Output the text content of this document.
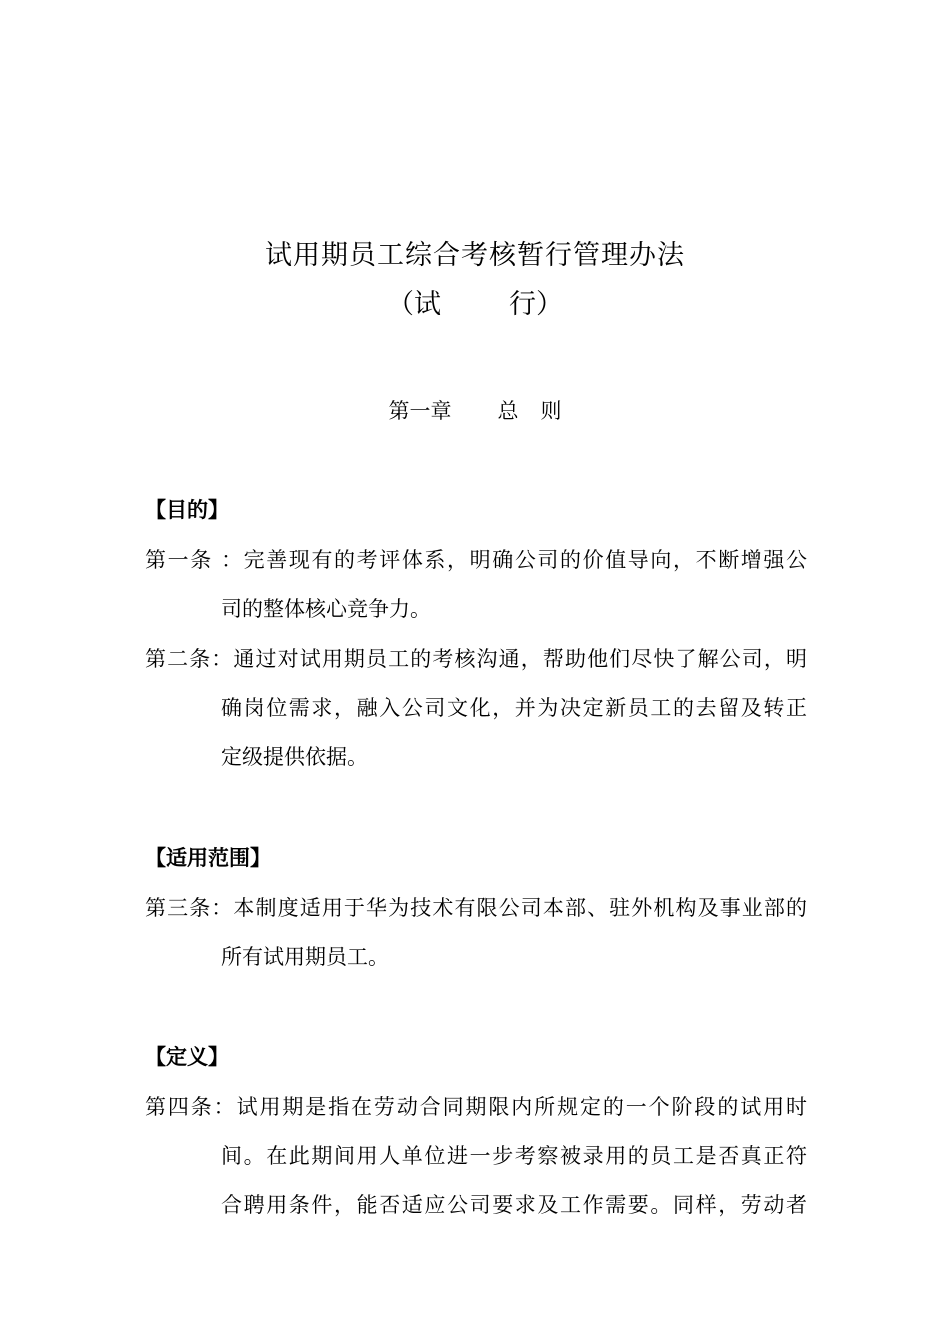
试用期员工综合考核暂行管理办法
（试	行）
第一章 总 则
【目的】
第一条 ：完善现有的考评体系，明确公司的价值导向，不断增强公
司的整体核心竞争力。
第二条：通过对试用期员工的考核沟通，帮助他们尽快了解公司，明
确岗位需求，融入公司文化，并为决定新员工的去留及转正
定级提供依据。
【适用范围】
第三条：本制度适用于华为技术有限公司本部、驻外机构及事业部的
所有试用期员工。
【定义】
第四条：试用期是指在劳动合同期限内所规定的一个阶段的试用时
间。在此期间用人单位进一步考察被录用的员工是否真正符
合聘用条件，能否适应公司要求及工作需要。同样，劳动者
